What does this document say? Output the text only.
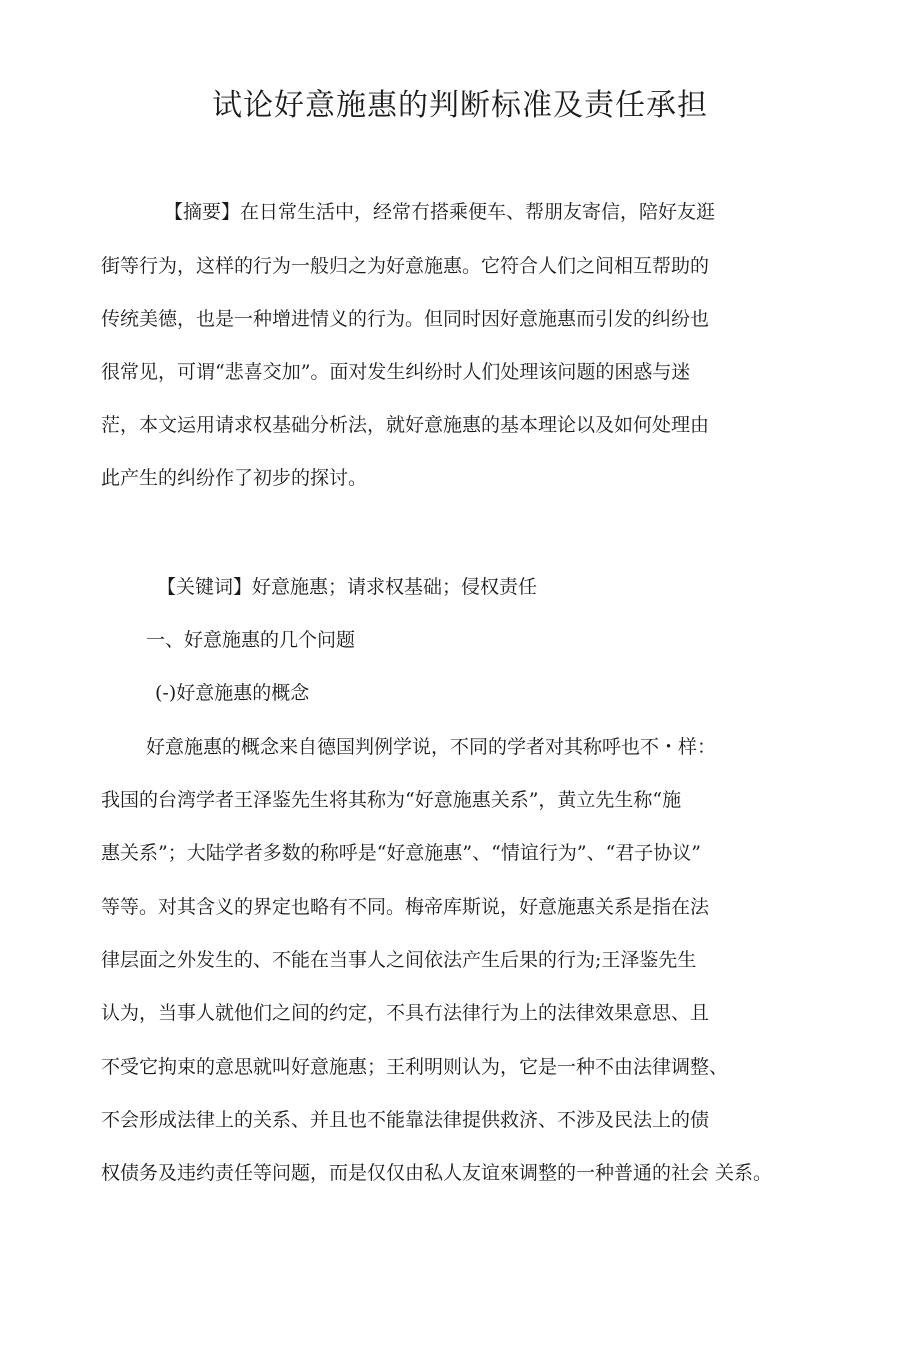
试论好意施惠的判断标准及责任承担
【摘要】在日常生活中，经常冇搭乘便车、帮朋友寄信，陪好友逛
街等行为，这样的行为一般归之为好意施惠。它符合人们之间相互帮助的
传统美德，也是一种增进情义的行为。但同时因好意施惠而引发的纠纷也
很常见，可谓“悲喜交加”。面对发生纠纷时人们处理该问题的困惑与迷
茫，本文运用请求权基础分析法，就好意施惠的基本理论以及如何处理由
此产生的纠纷作了初步的探讨。
【关键词】好意施惠；请求权基础；侵权责任
一、好意施惠的几个问题
(-)好意施惠的概念
好意施惠的概念来自德国判例学说，不同的学者对其称呼也不・样：
我国的台湾学者王泽鉴先生将其称为“好意施惠关系”，黄立先生称“施
惠关系”；大陆学者多数的称呼是“好意施惠”、“情谊行为”、“君子协议”
等等。对其含义的界定也略有不同。梅帝库斯说，好意施惠关系是指在法
律层面之外发生的、不能在当事人之间依法产生后果的行为;王泽鉴先生
认为，当事人就他们之间的约定，不具冇法律行为上的法律效果意思、且
不受它拘束的意思就叫好意施惠；王利明则认为，它是一种不由法律调整、
不会形成法律上的关系、并且也不能靠法律提供救济、不涉及民法上的债
权债务及违约责任等问题，而是仅仅由私人友谊來调整的一种普通的社会 关系。
